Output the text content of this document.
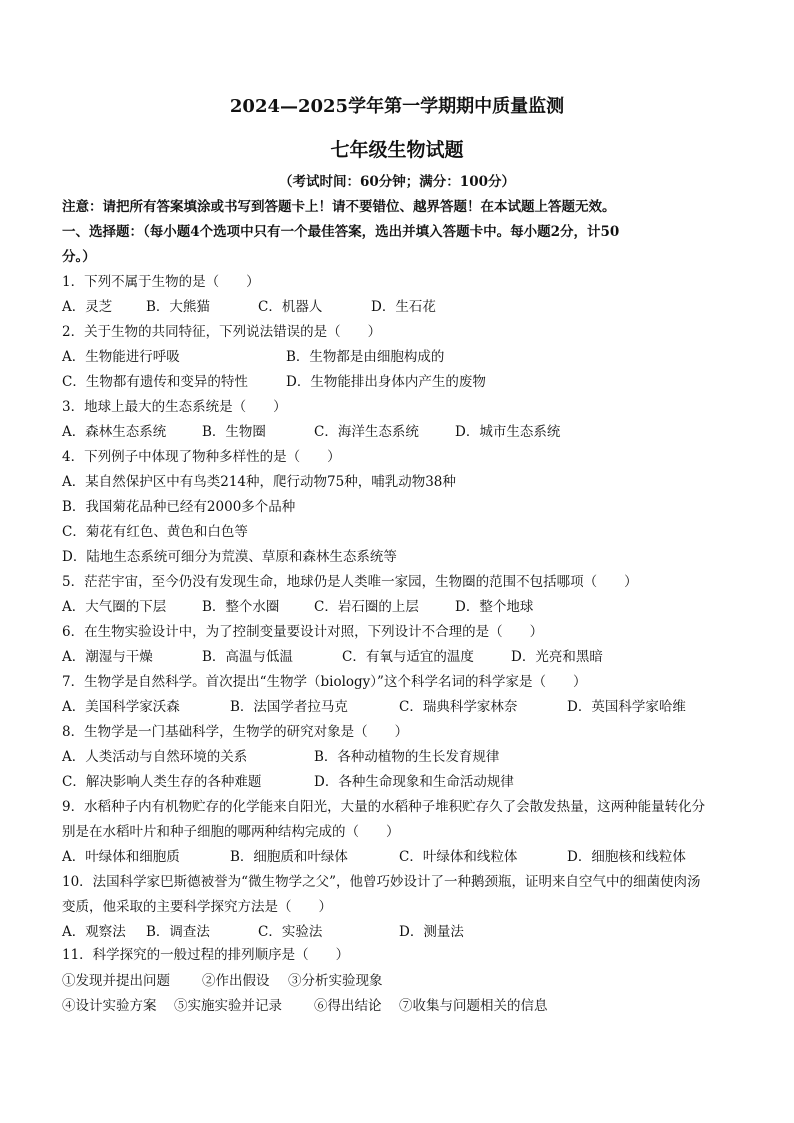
2024—2025学年第一学期期中质量监测
七年级生物试题
（考试时间：60分钟；满分：100分）
注意：请把所有答案填涂或书写到答题卡上！请不要错位、越界答题！在本试题上答题无效。
一、选择题：（每小题4个选项中只有一个最佳答案，选出并填入答题卡中。每小题2分，计50
分。）
1．下列不属于生物的是（　　）
A．灵芝	B．大熊猫	C．机器人	D．生石花
2．关于生物的共同特征，下列说法错误的是（　　）
A．生物能进行呼吸	B．生物都是由细胞构成的
C．生物都有遗传和变异的特性	D．生物能排出身体内产生的废物
3．地球上最大的生态系统是（　　）
A．森林生态系统	B．生物圈	C．海洋生态系统	D．城市生态系统
4．下列例子中体现了物种多样性的是（　　）
A．某自然保护区中有鸟类214种，爬行动物75种，哺乳动物38种
B．我国菊花品种已经有2000多个品种
C．菊花有红色、黄色和白色等
D．陆地生态系统可细分为荒漠、草原和森林生态系统等
5．茫茫宇宙，至今仍没有发现生命，地球仍是人类唯一家园，生物圈的范围不包括哪项（　　）
A．大气圈的下层	B．整个水圈	C．岩石圈的上层	D．整个地球
6．在生物实验设计中，为了控制变量要设计对照，下列设计不合理的是（　　）
A．潮湿与干燥	B．高温与低温	C．有氧与适宜的温度	D．光亮和黑暗
7．生物学是自然科学。首次提出“生物学（biology）”这个科学名词的科学家是（　　）
A．美国科学家沃森	B．法国学者拉马克	C．瑞典科学家林奈	D．英国科学家哈维
8．生物学是一门基础科学，生物学的研究对象是（　　）
A．人类活动与自然环境的关系	B．各种动植物的生长发育规律
C．解决影响人类生存的各种难题	D．各种生命现象和生命活动规律
9．水稻种子内有机物贮存的化学能来自阳光，大量的水稻种子堆积贮存久了会散发热量，这两种能量转化分
别是在水稻叶片和种子细胞的哪两种结构完成的（　　）
A．叶绿体和细胞质	B．细胞质和叶绿体	C．叶绿体和线粒体	D．细胞核和线粒体
10．法国科学家巴斯德被誉为“微生物学之父”，他曾巧妙设计了一种鹅颈瓶，证明来自空气中的细菌使肉汤
变质，他采取的主要科学探究方法是（　　）
A．观察法 B．调查法	C．实验法	D．测量法
11．科学探究的一般过程的排列顺序是（　　）
①发现并提出问题 ②作出假设 ③分析实验现象
④设计实验方案 ⑤实施实验并记录 ⑥得出结论 ⑦收集与问题相关的信息
